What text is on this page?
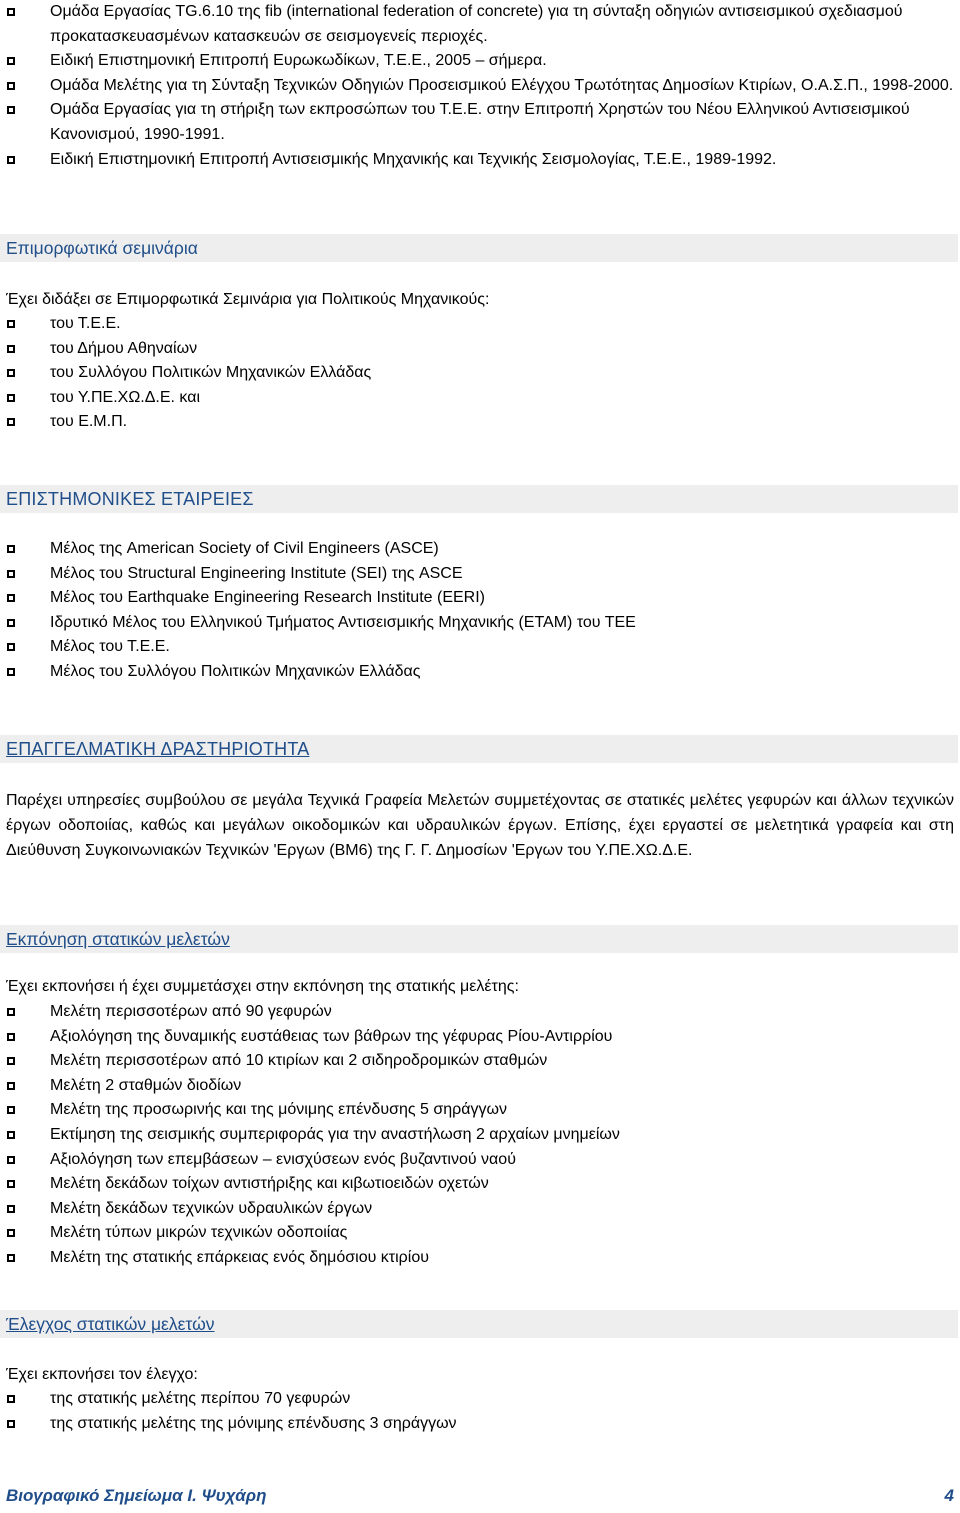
Ομάδα Εργασίας TG.6.10 της fib (international federation of concrete) για τη σύνταξη οδηγιών αντισεισμικού σχεδιασμού προκατασκευασμένων κατασκευών σε σεισμογενείς περιοχές.
Ειδική Επιστημονική Επιτροπή Ευρωκωδίκων, Τ.Ε.Ε., 2005 – σήμερα.
Ομάδα Μελέτης για τη Σύνταξη Τεχνικών Οδηγιών Προσεισμικού Ελέγχου Τρωτότητας Δημοσίων Κτιρίων, Ο.Α.Σ.Π., 1998-2000.
Ομάδα Εργασίας για τη στήριξη των εκπροσώπων του Τ.Ε.Ε. στην Επιτροπή Χρηστών του Νέου Ελληνικού Αντισεισμικού Κανονισμού, 1990-1991.
Ειδική Επιστημονική Επιτροπή Αντισεισμικής Μηχανικής και Τεχνικής Σεισμολογίας, Τ.Ε.Ε., 1989-1992.
Επιμορφωτικά σεμινάρια
Έχει διδάξει σε Επιμορφωτικά Σεμινάρια για Πολιτικούς Μηχανικούς:
του Τ.Ε.Ε.
του Δήμου Αθηναίων
του Συλλόγου Πολιτικών Μηχανικών Ελλάδας
του Υ.ΠΕ.ΧΩ.Δ.Ε. και
του Ε.Μ.Π.
ΕΠΙΣΤΗΜΟΝΙΚΕΣ ΕΤΑΙΡΕΙΕΣ
Μέλος της American Society of Civil Engineers (ASCE)
Μέλος του Structural Engineering Institute (SEI) της ASCE
Μέλος του Earthquake Engineering Research Institute (EERI)
Ιδρυτικό Μέλος του Ελληνικού Τμήματος Αντισεισμικής Μηχανικής (ΕΤΑΜ) του ΤΕΕ
Μέλος του Τ.Ε.Ε.
Μέλος του Συλλόγου Πολιτικών Μηχανικών Ελλάδας
ΕΠΑΓΓΕΛΜΑΤΙΚΗ ΔΡΑΣΤΗΡΙΟΤΗΤΑ
Παρέχει υπηρεσίες συμβούλου σε μεγάλα Τεχνικά Γραφεία Μελετών συμμετέχοντας σε στατικές μελέτες γεφυρών και άλλων τεχνικών έργων οδοποιίας, καθώς και μεγάλων οικοδομικών και υδραυλικών έργων. Επίσης, έχει εργαστεί σε μελετητικά γραφεία και στη Διεύθυνση Συγκοινωνιακών Τεχνικών 'Εργων (ΒΜ6) της Γ. Γ. Δημοσίων 'Εργων του Υ.ΠΕ.ΧΩ.Δ.Ε.
Εκπόνηση στατικών μελετών
Έχει εκπονήσει ή έχει συμμετάσχει στην εκπόνηση της στατικής μελέτης:
Μελέτη περισσοτέρων από 90 γεφυρών
Αξιολόγηση της δυναμικής ευστάθειας των βάθρων της γέφυρας Ρίου-Αντιρρίου
Μελέτη περισσοτέρων από 10 κτιρίων και 2 σιδηροδρομικών σταθμών
Μελέτη 2 σταθμών διοδίων
Μελέτη της προσωρινής και της μόνιμης επένδυσης 5 σηράγγων
Εκτίμηση της σεισμικής συμπεριφοράς για την αναστήλωση 2 αρχαίων μνημείων
Αξιολόγηση των επεμβάσεων – ενισχύσεων ενός βυζαντινού ναού
Μελέτη δεκάδων τοίχων αντιστήριξης και κιβωτιοειδών οχετών
Μελέτη δεκάδων τεχνικών υδραυλικών έργων
Μελέτη τύπων μικρών τεχνικών οδοποιίας
Μελέτη της στατικής επάρκειας ενός δημόσιου κτιρίου
Έλεγχος στατικών μελετών
Έχει εκπονήσει τον έλεγχο:
της στατικής μελέτης περίπου 70 γεφυρών
της στατικής μελέτης της μόνιμης επένδυσης 3 σηράγγων
Βιογραφικό Σημείωμα Ι. Ψυχάρη	4
